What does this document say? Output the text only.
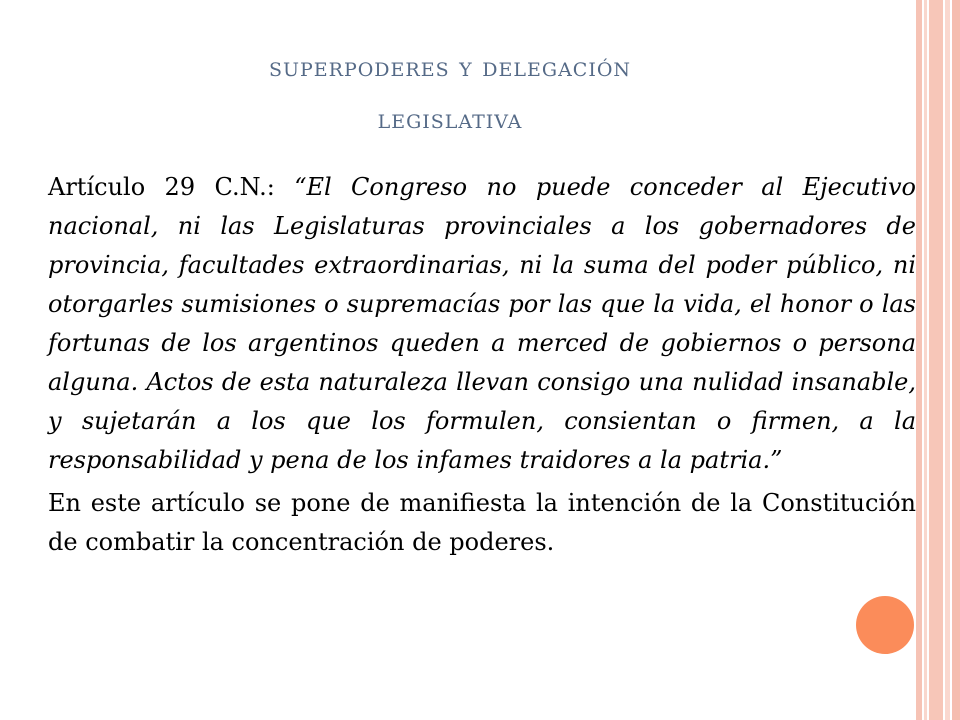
superpoderes y delegación
legislativa

Artículo 29 C.N.: “El Congreso no puede conceder al Ejecutivo nacional, ni las Legislaturas provinciales a los gobernadores de provincia, facultades extraordinarias, ni la suma del poder público, ni otorgarles sumisiones o supremacías por las que la vida, el honor o las fortunas de los argentinos queden a merced de gobiernos o persona alguna. Actos de esta naturaleza llevan consigo una nulidad insanable, y sujetarán a los que los formulen, consientan o firmen, a la responsabilidad y pena de los infames traidores a la patria.”

En este artículo se pone de manifiesta la intención de la Constitución de combatir la concentración de poderes.
